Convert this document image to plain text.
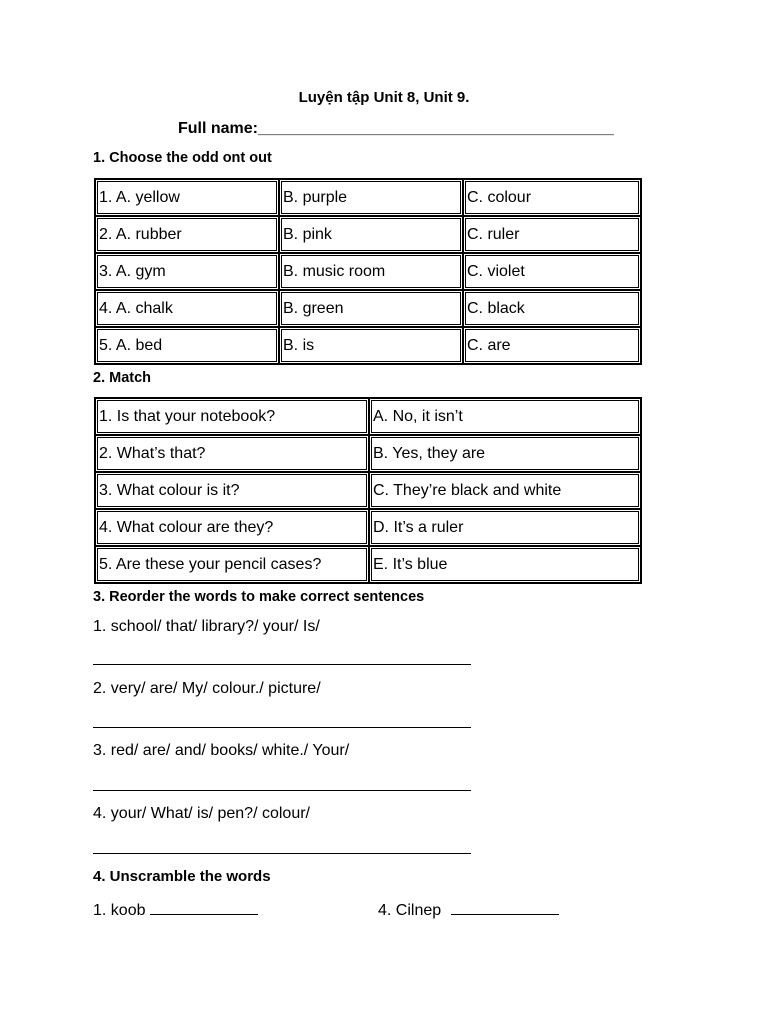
Luyện tập Unit 8, Unit 9.
Full name:________________________________________
1. Choose the odd ont out
1. A. yellow	B. purple	C. colour
2. A. rubber	B. pink	C. ruler
3. A. gym	B. music room	C. violet
4. A. chalk	B. green	C. black
5. A. bed	B. is	C. are
2. Match
1. Is that your notebook?	A. No, it isn’t
2. What’s that?	B. Yes, they are
3. What colour is it?	C. They’re black and white
4. What colour are they?	D. It’s a ruler
5. Are these your pencil cases?	E. It’s blue
3. Reorder the words to make correct sentences
1. school/ that/ library?/ your/ Is/
2. very/ are/ My/ colour./ picture/
3. red/ are/ and/ books/ white./ Your/
4. your/ What/ is/ pen?/ colour/
4. Unscramble the words
1. koob	4. Cilnep
